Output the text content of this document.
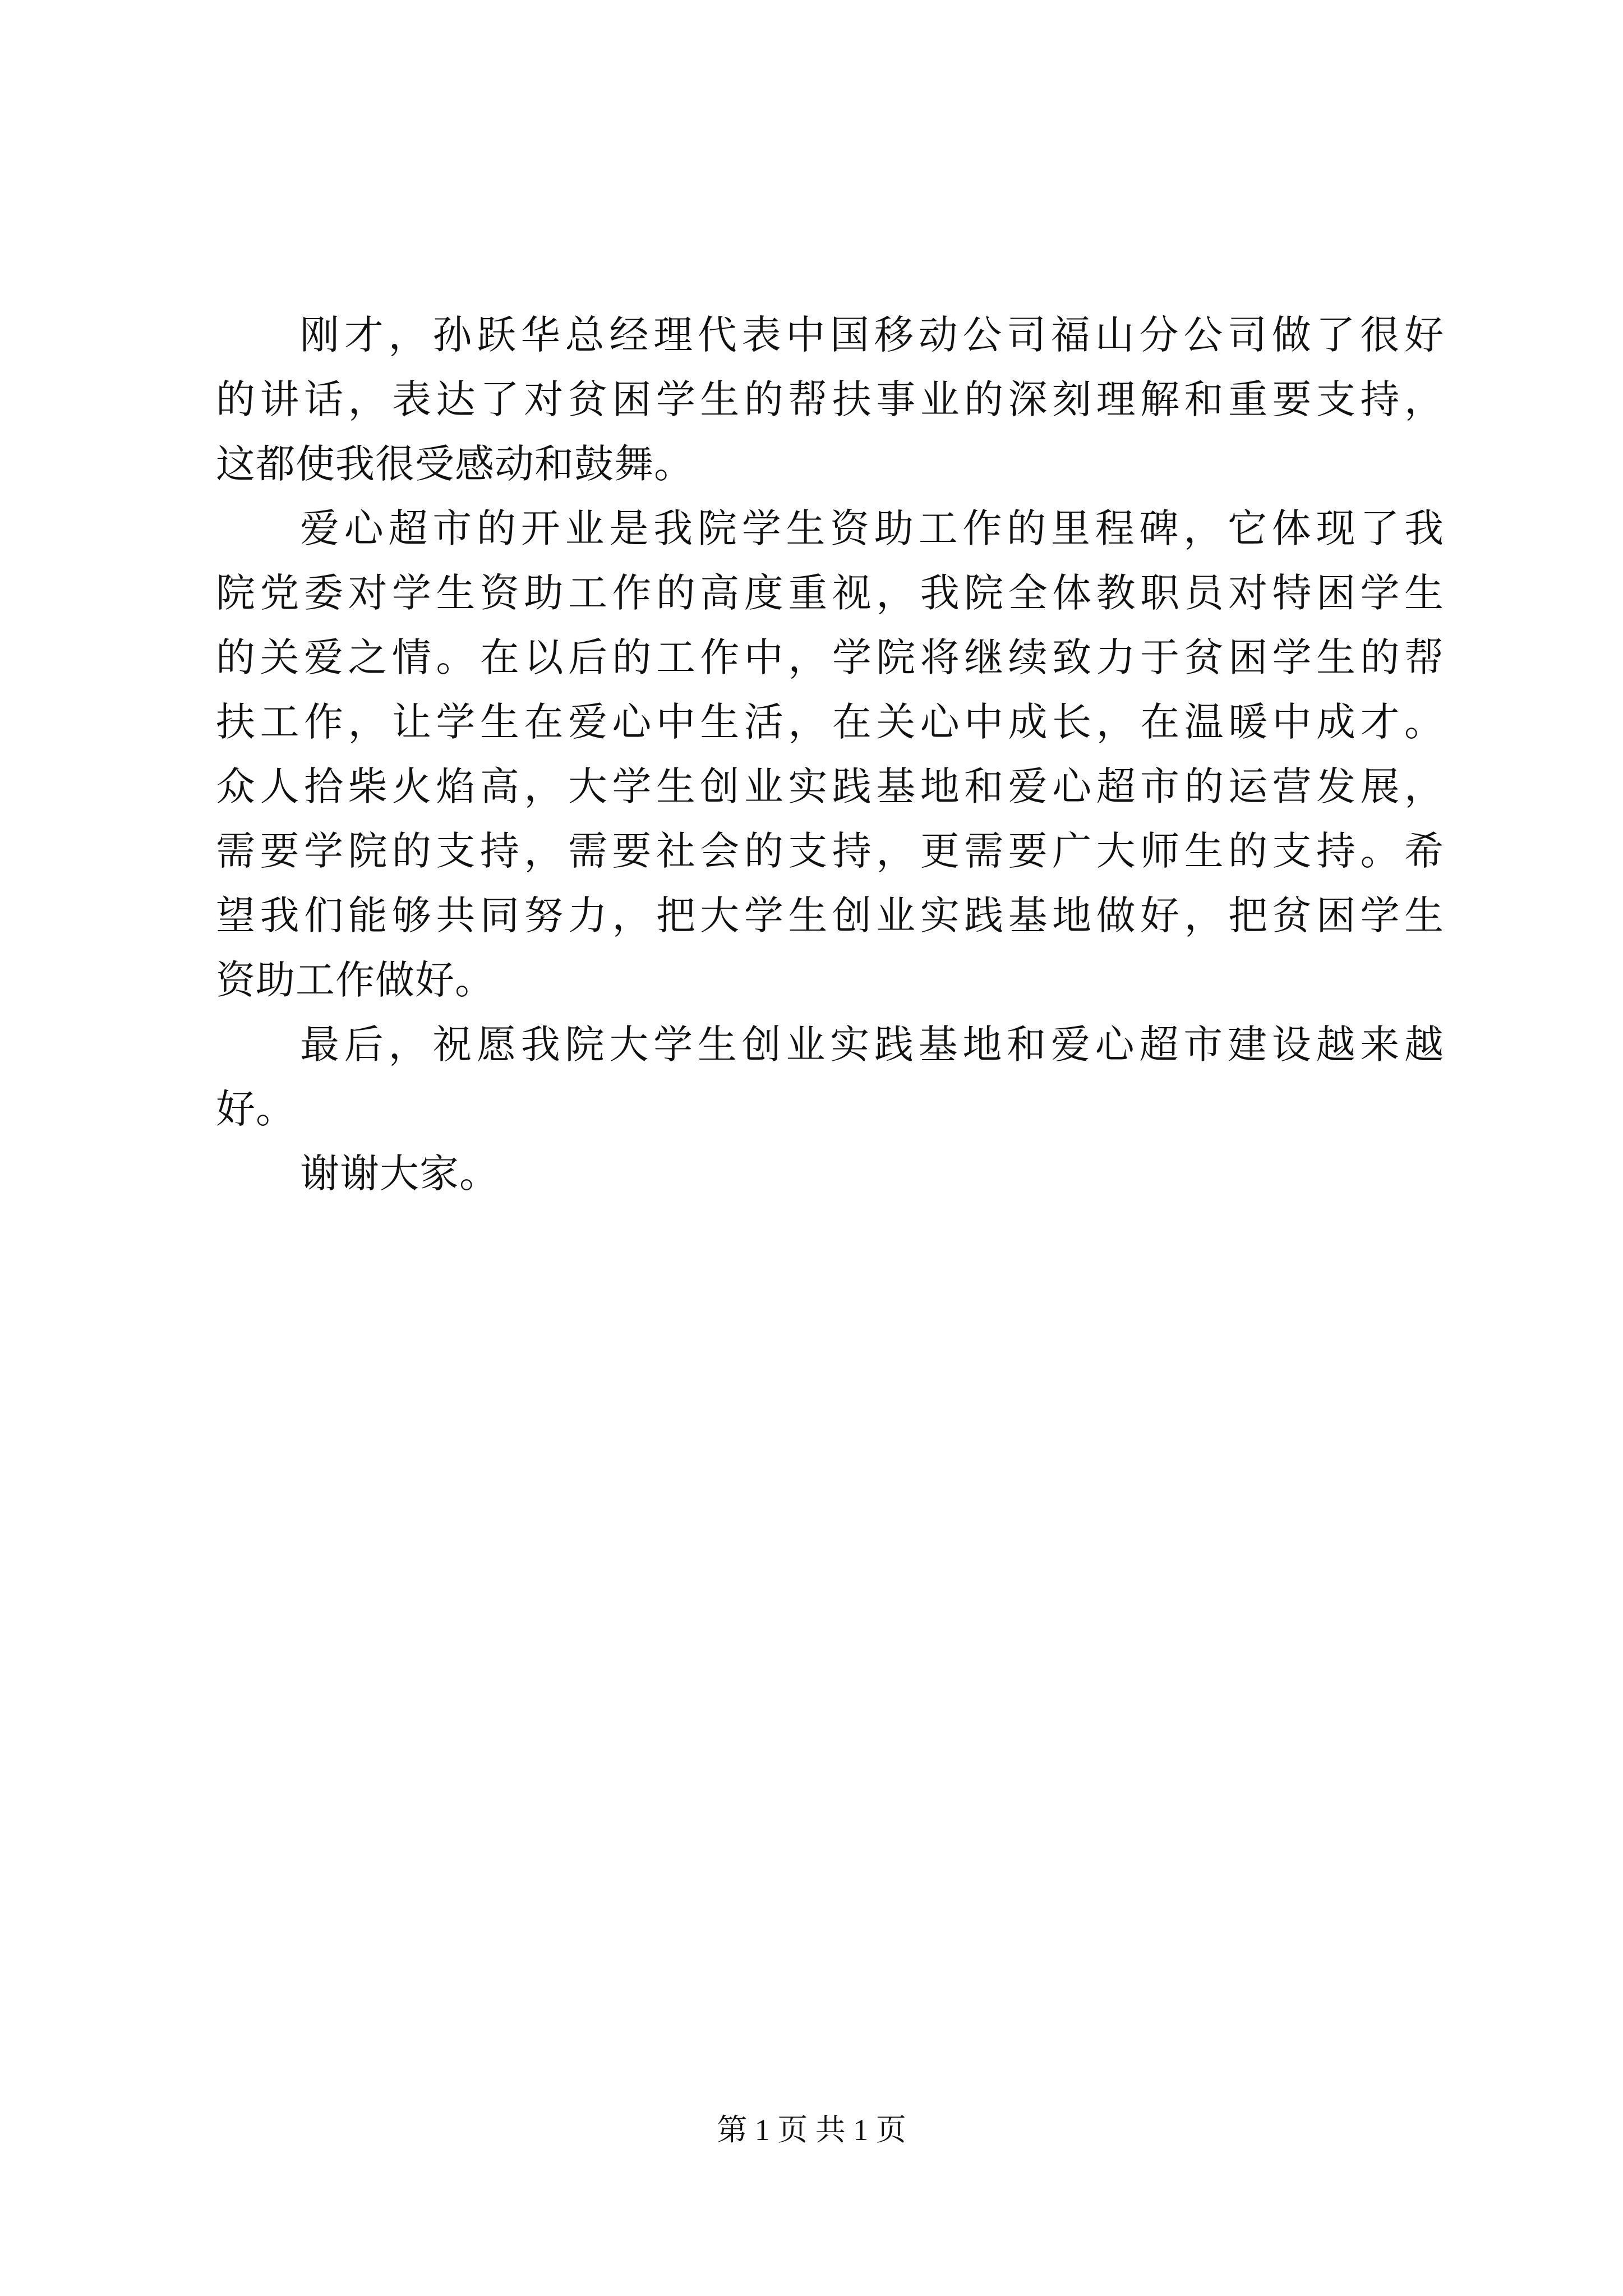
刚才，孙跃华总经理代表中国移动公司福山分公司做了很好
的讲话，表达了对贫困学生的帮扶事业的深刻理解和重要支持，
这都使我很受感动和鼓舞。
爱心超市的开业是我院学生资助工作的里程碑，它体现了我
院党委对学生资助工作的高度重视，我院全体教职员对特困学生
的关爱之情。在以后的工作中，学院将继续致力于贫困学生的帮
扶工作，让学生在爱心中生活，在关心中成长，在温暖中成才。
众人拾柴火焰高，大学生创业实践基地和爱心超市的运营发展，
需要学院的支持，需要社会的支持，更需要广大师生的支持。希
望我们能够共同努力，把大学生创业实践基地做好，把贫困学生
资助工作做好。
最后，祝愿我院大学生创业实践基地和爱心超市建设越来越
好。
谢谢大家。
第 1 页 共 1 页
